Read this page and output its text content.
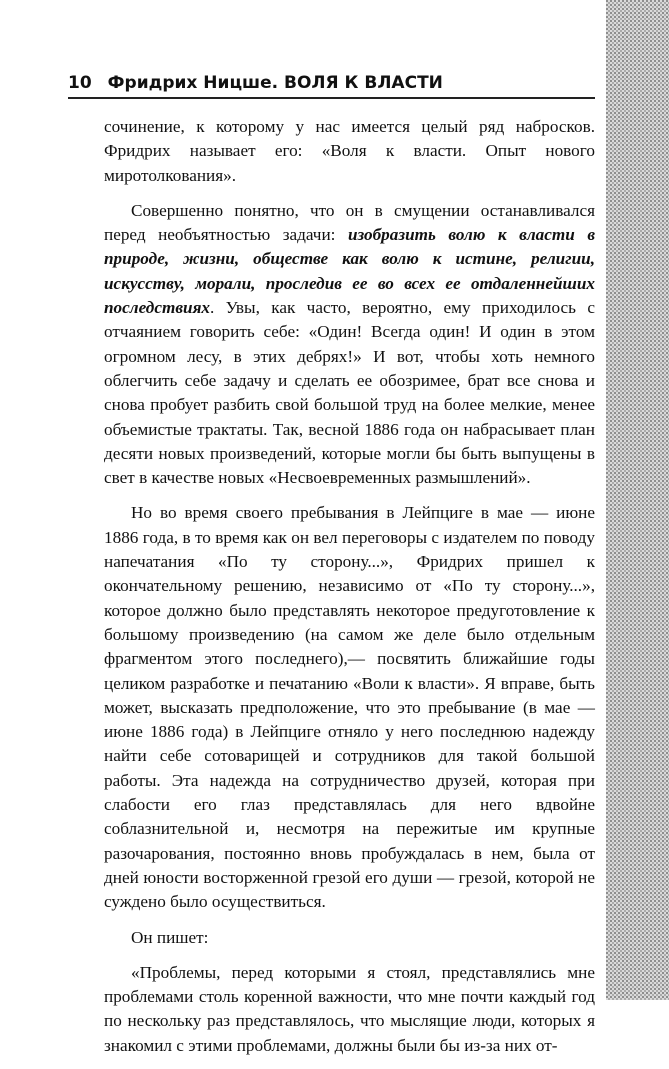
10 Фридрих Ницше. ВОЛЯ К ВЛАСТИ

сочинение, к которому у нас имеется целый ряд набросков. Фридрих называет его: «Воля к власти. Опыт нового миротолкования».

Совершенно понятно, что он в смущении останавливался перед необъятностью задачи: изобразить волю к власти в природе, жизни, обществе как волю к истине, религии, искусству, морали, проследив ее во всех ее отдаленнейших последствиях. Увы, как часто, вероятно, ему приходилось с отчаянием говорить себе: «Один! Всегда один! И один в этом огромном лесу, в этих дебрях!» И вот, чтобы хоть немного облегчить себе задачу и сделать ее обозримее, брат все снова и снова пробует разбить свой большой труд на более мелкие, менее объемистые трактаты. Так, весной 1886 года он набрасывает план десяти новых произведений, которые могли бы быть выпущены в свет в качестве новых «Несвоевременных размышлений».

Но во время своего пребывания в Лейпциге в мае — июне 1886 года, в то время как он вел переговоры с издателем по поводу напечатания «По ту сторону...», Фридрих пришел к окончательному решению, независимо от «По ту сторону...», которое должно было представлять некоторое предуготовление к большому произведению (на самом же деле было отдельным фрагментом этого последнего),— посвятить ближайшие годы целиком разработке и печатанию «Воли к власти». Я вправе, быть может, высказать предположение, что это пребывание (в мае — июне 1886 года) в Лейпциге отняло у него последнюю надежду найти себе сотоварищей и сотрудников для такой большой работы. Эта надежда на сотрудничество друзей, которая при слабости его глаз представлялась для него вдвойне соблазнительной и, несмотря на пережитые им крупные разочарования, постоянно вновь пробуждалась в нем, была от дней юности восторженной грезой его души — грезой, которой не суждено было осуществиться.

Он пишет:

«Проблемы, перед которыми я стоял, представлялись мне проблемами столь коренной важности, что мне почти каждый год по нескольку раз представлялось, что мыслящие люди, которых я знакомил с этими проблемами, должны были бы из-за них от-
